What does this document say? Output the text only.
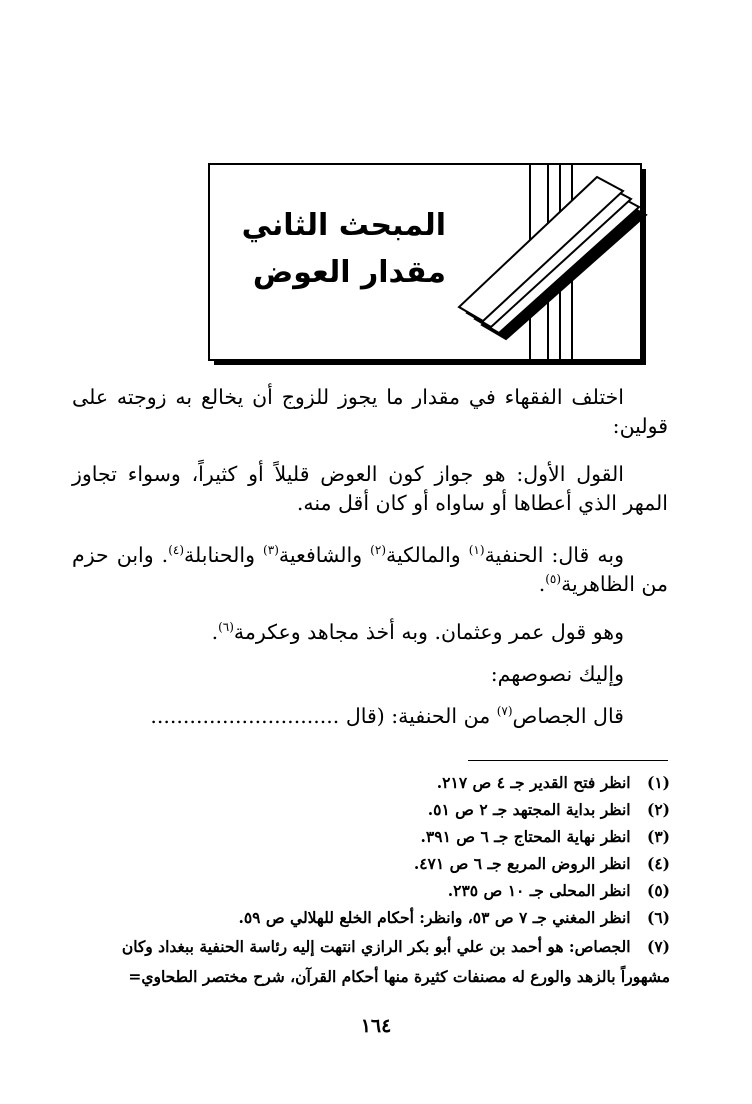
المبحث الثاني
مقدار العوض
اختلف الفقهاء في مقدار ما يجوز للزوج أن يخالع به زوجته على قولين:
القول الأول: هو جواز كون العوض قليلاً أو كثيراً، وسواء تجاوز المهر الذي أعطاها أو ساواه أو كان أقل منه.
وبه قال: الحنفية$^{(١)}$ والمالكية$^{(٢)}$ والشافعية$^{(٣)}$ والحنابلة$^{(٤)}$. وابن حزم من الظاهرية$^{(٥)}$.
وهو قول عمر وعثمان. وبه أخذ مجاهد وعكرمة$^{(٦)}$.
وإليك نصوصهم:
قال الجصاص$^{(٧)}$ من الحنفية: (قال .............................
(١) انظر فتح القدير جـ ٤ ص ٢١٧.
(٢) انظر بداية المجتهد جـ ٢ ص ٥١.
(٣) انظر نهاية المحتاج جـ ٦ ص ٣٩١.
(٤) انظر الروض المربع جـ ٦ ص ٤٧١.
(٥) انظر المحلى جـ ١٠ ص ٢٣٥.
(٦) انظر المغني جـ ٧ ص ٥٣، وانظر: أحكام الخلع للهلالي ص ٥٩.
(٧) الجصاص: هو أحمد بن علي أبو بكر الرازي انتهت إليه رئاسة الحنفية ببغداد وكان
مشهوراً بالزهد والورع له مصنفات كثيرة منها أحكام القرآن، شرح مختصر الطحاوي=
١٦٤
